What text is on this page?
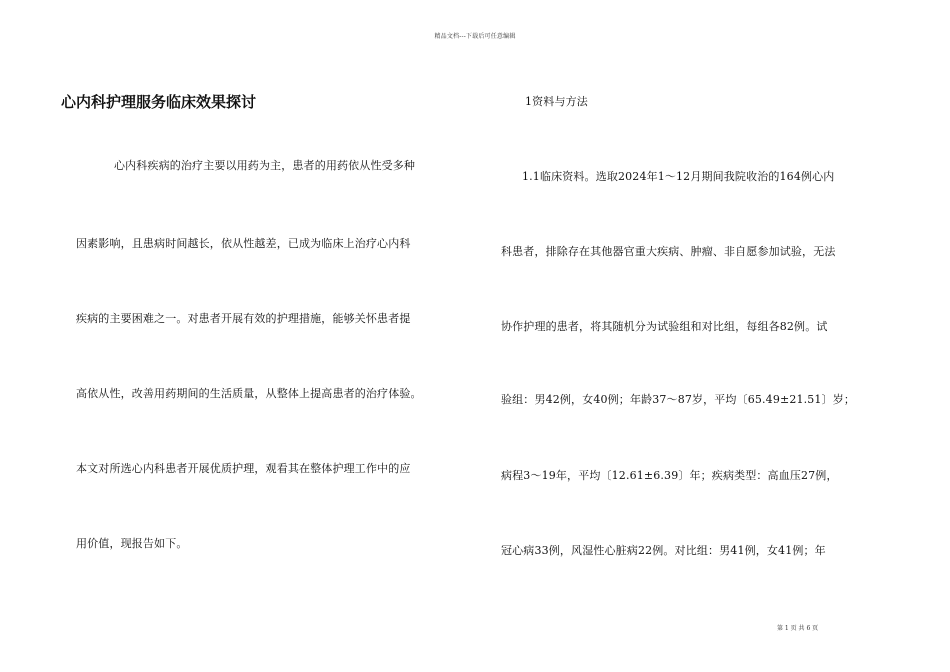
精品文档---下载后可任意编辑
心内科护理服务临床效果探讨
心内科疾病的治疗主要以用药为主，患者的用药依从性受多种
因素影响，且患病时间越长，依从性越差，已成为临床上治疗心内科
疾病的主要困难之一。对患者开展有效的护理措施，能够关怀患者提
高依从性，改善用药期间的生活质量，从整体上提高患者的治疗体验。
本文对所选心内科患者开展优质护理，观看其在整体护理工作中的应
用价值，现报告如下。
1资料与方法
1.1临床资料。选取2024年1～12月期间我院收治的164例心内
科患者，排除存在其他器官重大疾病、肿瘤、非自愿参加试验，无法
协作护理的患者，将其随机分为试验组和对比组，每组各82例。试
验组：男42例，女40例；年龄37～87岁，平均〔65.49±21.51〕岁；
病程3～19年，平均〔12.61±6.39〕年；疾病类型：高血压27例，
冠心病33例，风湿性心脏病22例。对比组：男41例，女41例；年
第 1 页 共 6 页
